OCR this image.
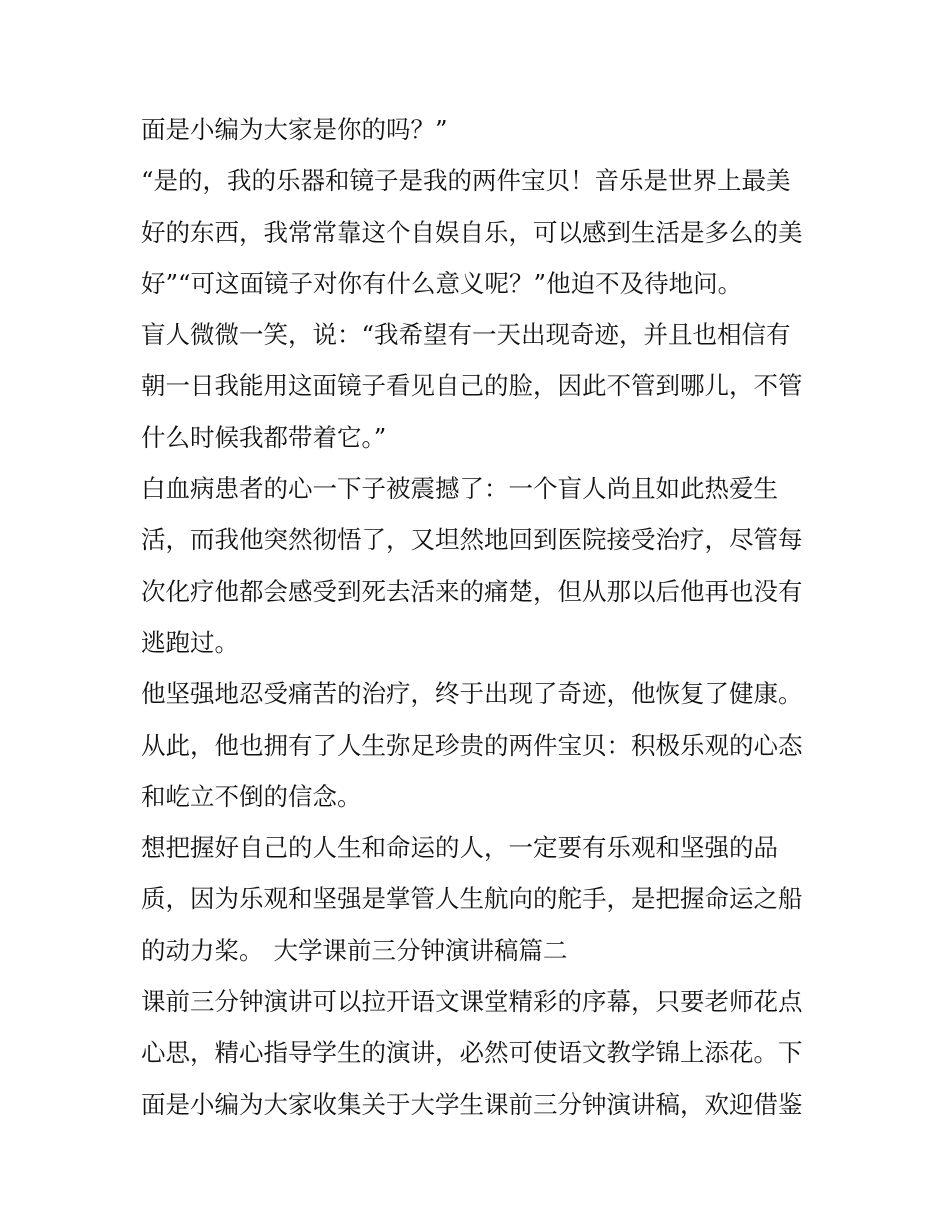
面是小编为大家是你的吗？”
“是的，我的乐器和镜子是我的两件宝贝！音乐是世界上最美
好的东西，我常常靠这个自娱自乐，可以感到生活是多么的美
好”“可这面镜子对你有什么意义呢？”他迫不及待地问。
盲人微微一笑，说：“我希望有一天出现奇迹，并且也相信有
朝一日我能用这面镜子看见自己的脸，因此不管到哪儿，不管
什么时候我都带着它。”
白血病患者的心一下子被震撼了：一个盲人尚且如此热爱生
活，而我他突然彻悟了，又坦然地回到医院接受治疗，尽管每
次化疗他都会感受到死去活来的痛楚，但从那以后他再也没有
逃跑过。
他坚强地忍受痛苦的治疗，终于出现了奇迹，他恢复了健康。
从此，他也拥有了人生弥足珍贵的两件宝贝：积极乐观的心态
和屹立不倒的信念。
想把握好自己的人生和命运的人，一定要有乐观和坚强的品
质，因为乐观和坚强是掌管人生航向的舵手，是把握命运之船
的动力桨。 大学课前三分钟演讲稿篇二
课前三分钟演讲可以拉开语文课堂精彩的序幕，只要老师花点
心思，精心指导学生的演讲，必然可使语文教学锦上添花。下
面是小编为大家收集关于大学生课前三分钟演讲稿，欢迎借鉴
